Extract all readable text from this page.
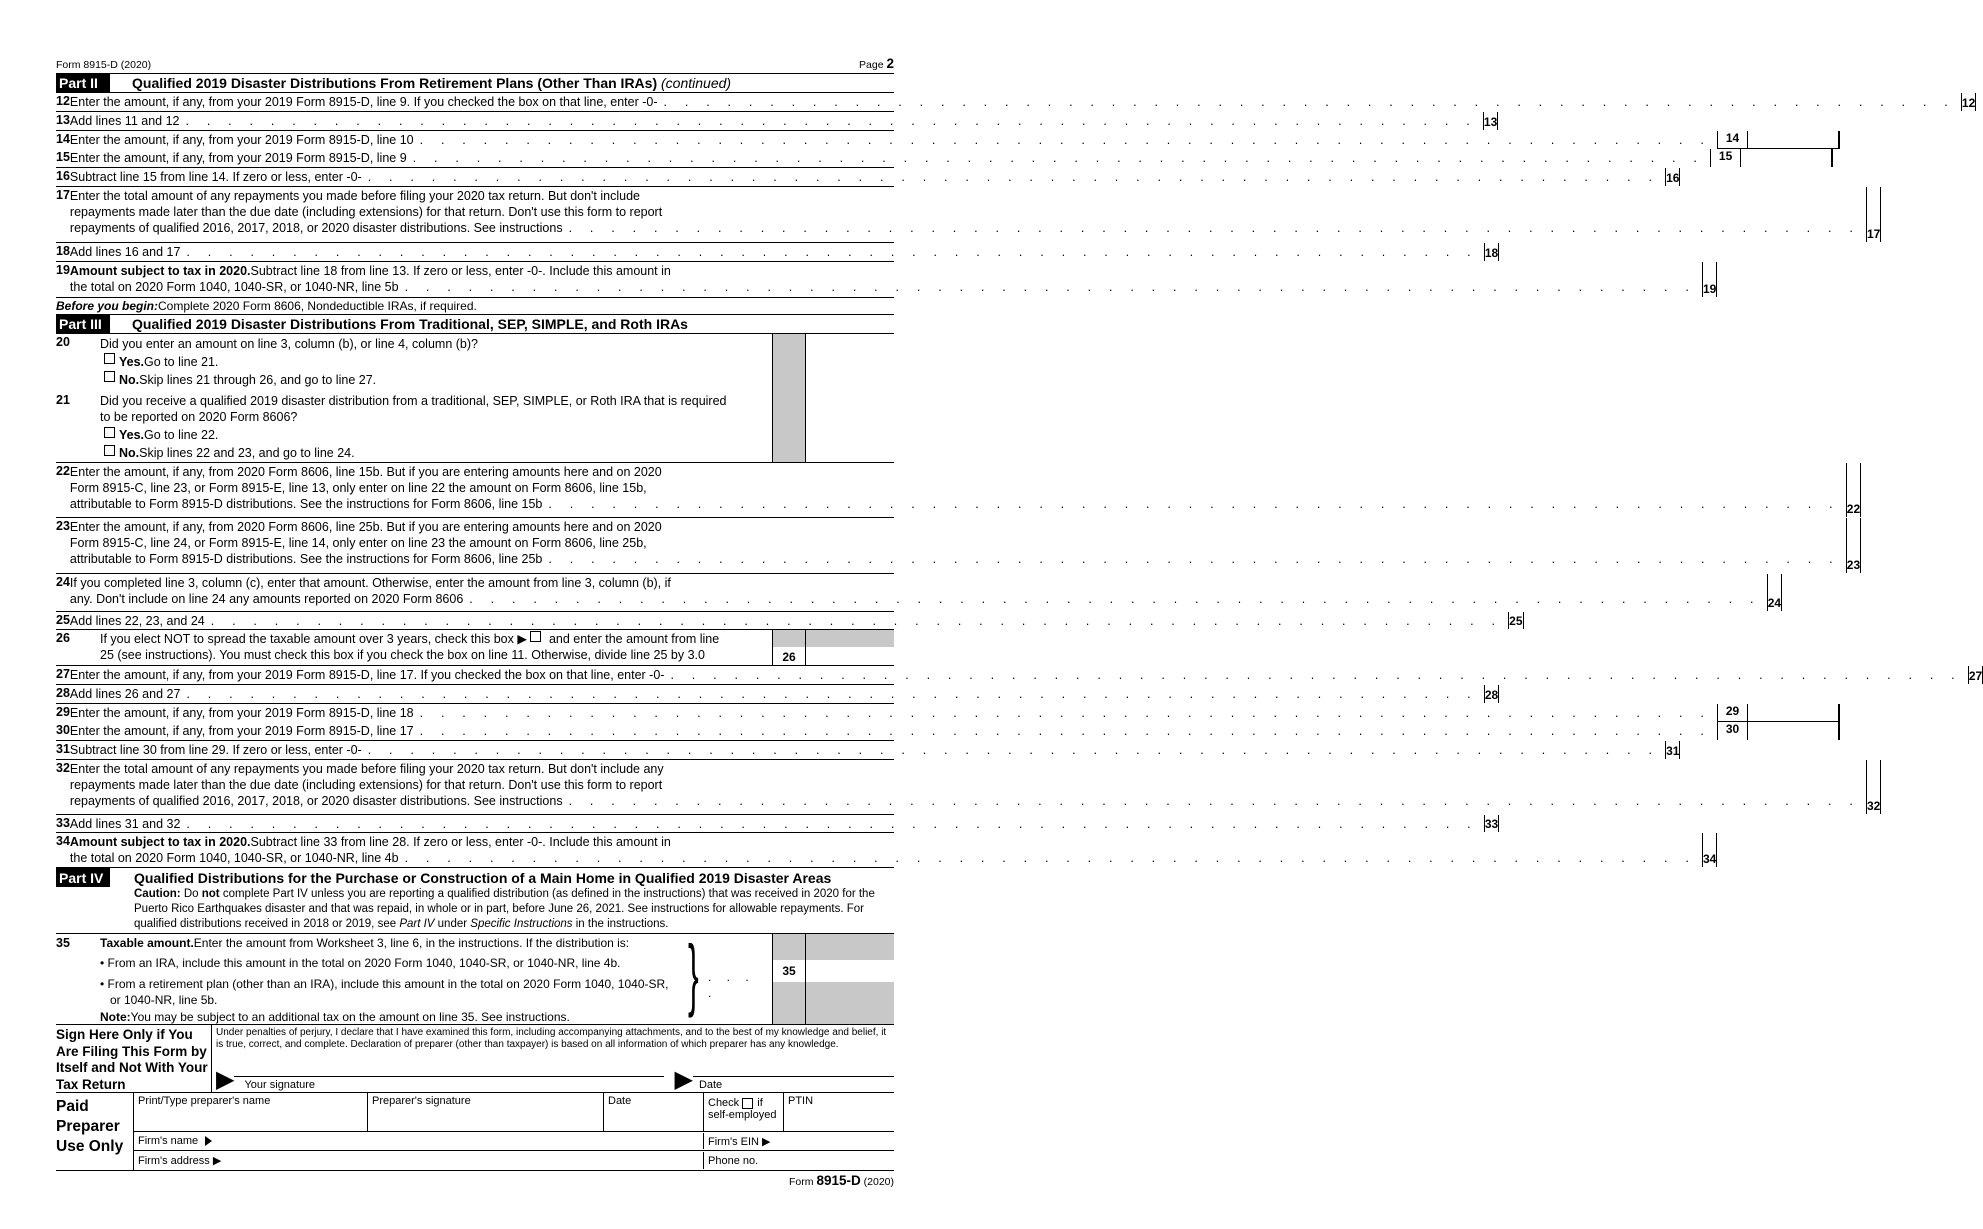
Form 8915-D (2020)	Page 2
Part II	Qualified 2019 Disaster Distributions From Retirement Plans (Other Than IRAs)
(continued)
12 Enter the amount, if any, from your 2019 Form 8915-D, line 9. If you checked the box on that line, enter -0- . . . . . . . . . . . . . . . . . . . . . . . . . . . . . . . . . . . . . . . . . . . . . . . . . . . . . . . . . . . . . 12
13 Add lines 11 and 12 . . . . . . . . . . . . . . . . . . . . . . . . . . . . . . . . . . . . . . . . . . . . . . . . . . . . . . . . . . . . . 13
14 Enter the amount, if any, from your 2019 Form 8915-D, line 10 . . . . . . . . . . . . . . . . . . . . . . . . . . . . . . . . . . . . . . . . . . . . . . . . . . . . . . . . . . . . .	14
15 Enter the amount, if any, from your 2019 Form 8915-D, line 9 . . . . . . . . . . . . . . . . . . . . . . . . . . . . . . . . . . . . . . . . . . . . . . . . . . . . . . . . . . . . .	15
16 Subtract line 15 from line 14. If zero or less, enter -0- . . . . . . . . . . . . . . . . . . . . . . . . . . . . . . . . . . . . . . . . . . . . . . . . . . . . . . . . . . . . . 16
17 Enter the total amount of any repayments you made before filing your 2020 tax return. But don't include
repayments made later than the due date (including extensions) for that return. Don't use this form to report
repayments of qualified 2016, 2017, 2018, or 2020 disaster distributions. See instructions . . . . . . . . . . . . . . . . . . . . . . . . . . . . . . . . . . . . . . . . . . . . . . . . . . . . . . . . . . . . . 17
18 Add lines 16 and 17 . . . . . . . . . . . . . . . . . . . . . . . . . . . . . . . . . . . . . . . . . . . . . . . . . . . . . . . . . . . . . 18
19 Amount subject to tax in 2020. Subtract line 18 from line 13. If zero or less, enter -0-. Include this amount in
the total on 2020 Form 1040, 1040-SR, or 1040-NR, line 5b . . . . . . . . . . . . . . . . . . . . . . . . . . . . . . . . . . . . . . . . . . . . . . . . . . . . . . . . . . . . . 19
Before you begin: Complete 2020 Form 8606, Nondeductible IRAs, if required.
Part III	Qualified 2019 Disaster Distributions From Traditional, SEP, SIMPLE, and Roth IRAs
20	Did you enter an amount on line 3, column (b), or line 4, column (b)?
Yes. Go to line 21.
No. Skip lines 21 through 26, and go to line 27.
21	Did you receive a qualified 2019 disaster distribution from a traditional, SEP, SIMPLE, or Roth IRA that is required
to be reported on 2020 Form 8606?
Yes. Go to line 22.
No. Skip lines 22 and 23, and go to line 24.
22 Enter the amount, if any, from 2020 Form 8606, line 15b. But if you are entering amounts here and on 2020
Form 8915-C, line 23, or Form 8915-E, line 13, only enter on line 22 the amount on Form 8606, line 15b,
attributable to Form 8915-D distributions. See the instructions for Form 8606, line 15b . . . . . . . . . . . . . . . . . . . . . . . . . . . . . . . . . . . . . . . . . . . . . . . . . . . . . . . . . . . . . 22
23 Enter the amount, if any, from 2020 Form 8606, line 25b. But if you are entering amounts here and on 2020
Form 8915-C, line 24, or Form 8915-E, line 14, only enter on line 23 the amount on Form 8606, line 25b,
attributable to Form 8915-D distributions. See the instructions for Form 8606, line 25b . . . . . . . . . . . . . . . . . . . . . . . . . . . . . . . . . . . . . . . . . . . . . . . . . . . . . . . . . . . . . 23
24 If you completed line 3, column (c), enter that amount. Otherwise, enter the amount from line 3, column (b), if
any. Don't include on line 24 any amounts reported on 2020 Form 8606 . . . . . . . . . . . . . . . . . . . . . . . . . . . . . . . . . . . . . . . . . . . . . . . . . . . . . . . . . . . . . 24
25 Add lines 22, 23, and 24 . . . . . . . . . . . . . . . . . . . . . . . . . . . . . . . . . . . . . . . . . . . . . . . . . . . . . . . . . . . . . 25
26	If you elect NOT to spread the taxable amount over 3 years, check this box
▶

and enter the amount from line
25 (see instructions). You must check this box if you check the box on line 11. Otherwise, divide line 25 by 3.0	26
27 Enter the amount, if any, from your 2019 Form 8915-D, line 17. If you checked the box on that line, enter -0- . . . . . . . . . . . . . . . . . . . . . . . . . . . . . . . . . . . . . . . . . . . . . . . . . . . . . . . . . . . . . 27
28 Add lines 26 and 27 . . . . . . . . . . . . . . . . . . . . . . . . . . . . . . . . . . . . . . . . . . . . . . . . . . . . . . . . . . . . . 28
29 Enter the amount, if any, from your 2019 Form 8915-D, line 18 . . . . . . . . . . . . . . . . . . . . . . . . . . . . . . . . . . . . . . . . . . . . . . . . . . . . . . . . . . . . .	29
30 Enter the amount, if any, from your 2019 Form 8915-D, line 17 . . . . . . . . . . . . . . . . . . . . . . . . . . . . . . . . . . . . . . . . . . . . . . . . . . . . . . . . . . . . .	30
31 Subtract line 30 from line 29. If zero or less, enter -0- . . . . . . . . . . . . . . . . . . . . . . . . . . . . . . . . . . . . . . . . . . . . . . . . . . . . . . . . . . . . . 31
32 Enter the total amount of any repayments you made before filing your 2020 tax return. But don't include any
repayments made later than the due date (including extensions) for that return. Don't use this form to report
repayments of qualified 2016, 2017, 2018, or 2020 disaster distributions. See instructions . . . . . . . . . . . . . . . . . . . . . . . . . . . . . . . . . . . . . . . . . . . . . . . . . . . . . . . . . . . . . 32
33 Add lines 31 and 32 . . . . . . . . . . . . . . . . . . . . . . . . . . . . . . . . . . . . . . . . . . . . . . . . . . . . . . . . . . . . . 33
34 Amount subject to tax in 2020. Subtract line 33 from line 28. If zero or less, enter -0-. Include this amount in
the total on 2020 Form 1040, 1040-SR, or 1040-NR, line 4b . . . . . . . . . . . . . . . . . . . . . . . . . . . . . . . . . . . . . . . . . . . . . . . . . . . . . . . . . . . . . 34
Part IV	Qualified Distributions for the Purchase or Construction of a Main Home in Qualified 2019 Disaster Areas
Caution: Do not complete Part IV unless you are reporting a qualified distribution (as defined in the instructions) that was received in 2020 for the Puerto Rico Earthquakes disaster and that was repaid, in whole or in part, before June 26, 2021. See instructions for allowable repayments. For qualified distributions received in 2018 or 2019, see Part IV under Specific Instructions in the instructions.
35	Taxable amount. Enter the amount from Worksheet 3, line 6, in the instructions. If the distribution is:
• From an IRA, include this amount in the total on 2020 Form 1040, 1040-SR, or 1040-NR, line 4b.
• From a retirement plan (other than an IRA), include this amount in the total on 2020 Form 1040, 1040-SR,
or 1040-NR, line 5b.
Note: You may be subject to an additional tax on the amount on line 35. See instructions. } . . . .
35
Sign Here Only if You Are Filing This Form by Itself and Not With Your Tax Return
Under penalties of perjury, I declare that I have examined this form, including accompanying attachments, and to the best of my knowledge and belief, it is true, correct, and complete. Declaration of preparer (other than taxpayer) is based on all information of which preparer has any knowledge.
▶ Your signature	▶ Date
Paid Preparer Use Only
Print/Type preparer's name	Preparer's signature	Date	Check if
self-employed
PTIN
Firm's name	Firm's EIN ▶
Firm's address ▶	Phone no.
Form 8915-D (2020)
